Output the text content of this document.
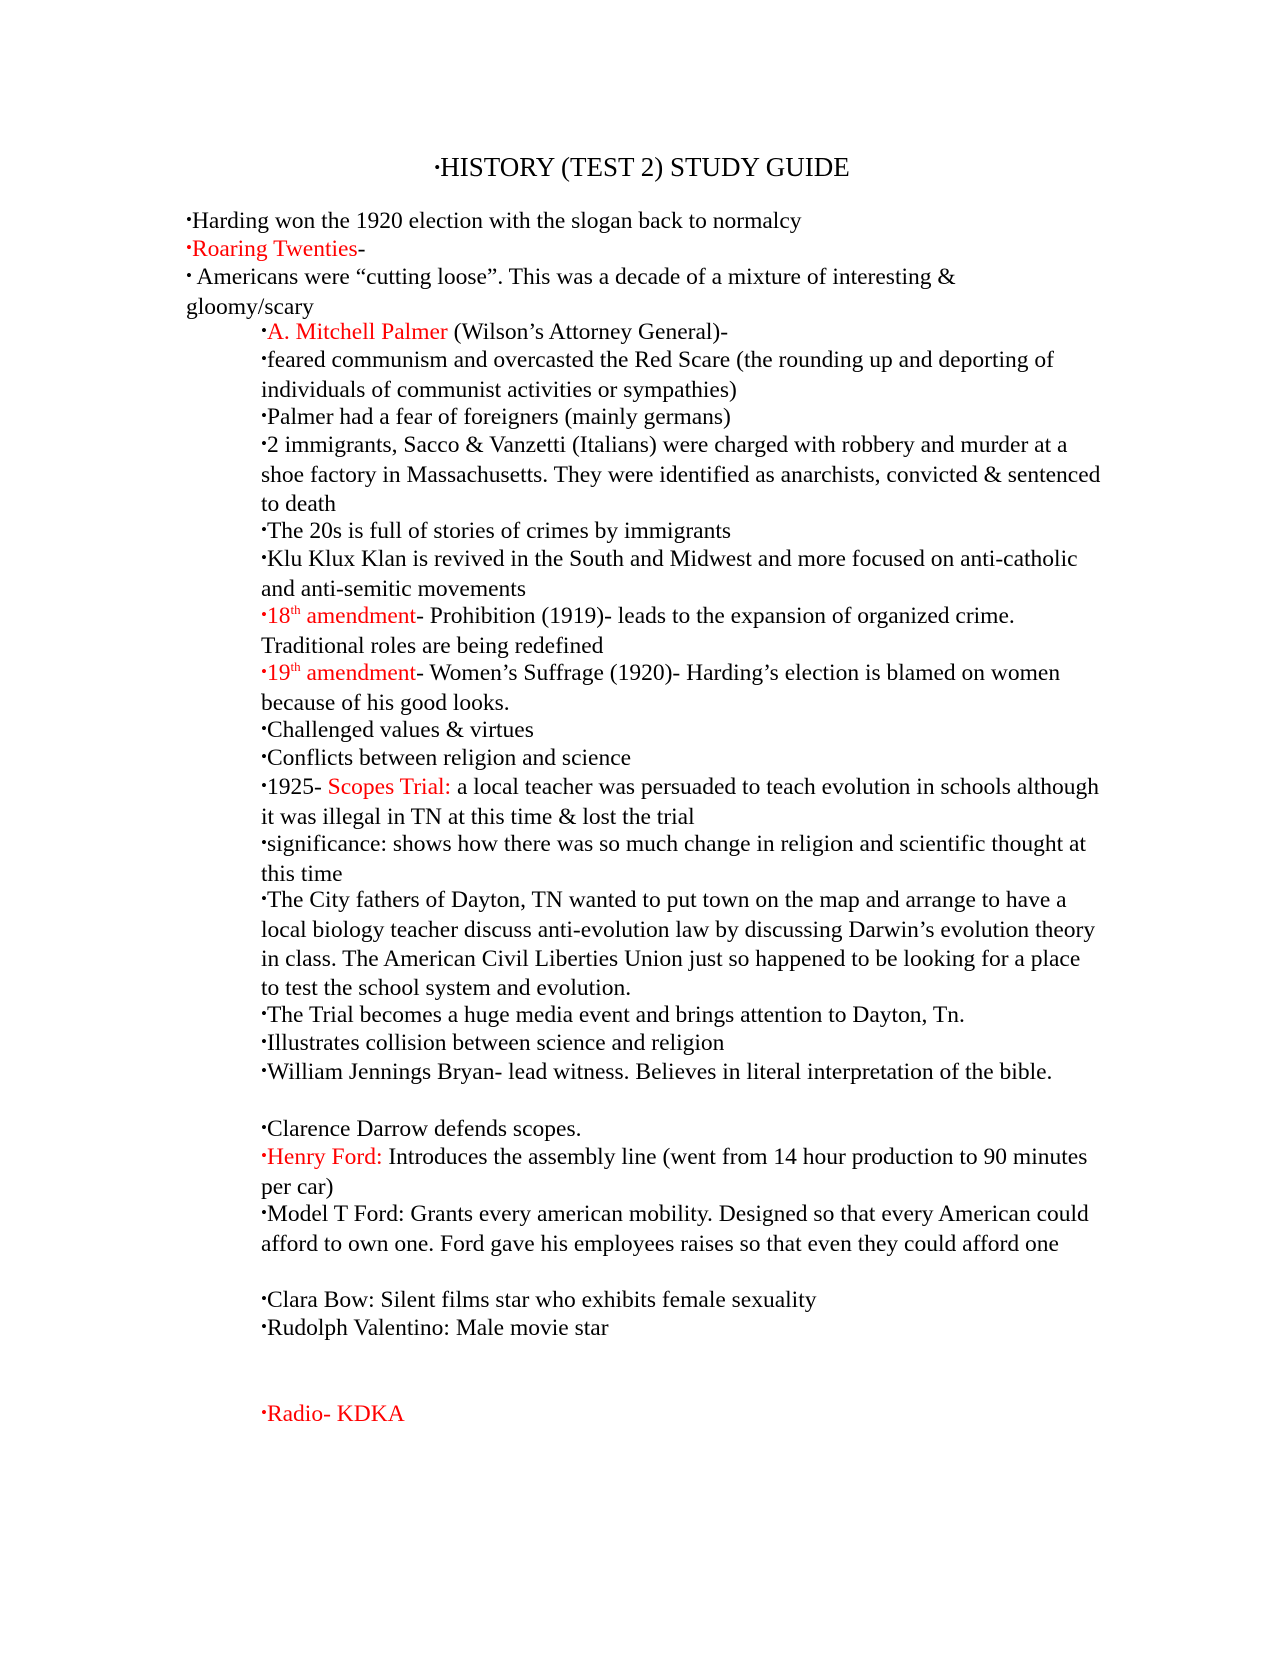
•HISTORY (TEST 2) STUDY GUIDE
•Harding won the 1920 election with the slogan back to normalcy
•Roaring Twenties-
• Americans were “cutting loose”. This was a decade of a mixture of interesting & gloomy/scary
•A. Mitchell Palmer (Wilson’s Attorney General)-
•feared communism and overcasted the Red Scare (the rounding up and deporting of individuals of communist activities or sympathies)
•Palmer had a fear of foreigners (mainly germans)
•2 immigrants, Sacco & Vanzetti (Italians) were charged with robbery and murder at a shoe factory in Massachusetts. They were identified as anarchists, convicted & sentenced to death
•The 20s is full of stories of crimes by immigrants
•Klu Klux Klan is revived in the South and Midwest and more focused on anti-catholic and anti-semitic movements
•18th amendment- Prohibition (1919)- leads to the expansion of organized crime. Traditional roles are being redefined
•19th amendment- Women’s Suffrage (1920)- Harding’s election is blamed on women because of his good looks.
•Challenged values & virtues
•Conflicts between religion and science
•1925- Scopes Trial: a local teacher was persuaded to teach evolution in schools although it was illegal in TN at this time & lost the trial
•significance: shows how there was so much change in religion and scientific thought at this time
•The City fathers of Dayton, TN wanted to put town on the map and arrange to have a local biology teacher discuss anti-evolution law by discussing Darwin’s evolution theory in class. The American Civil Liberties Union just so happened to be looking for a place to test the school system and evolution.
•The Trial becomes a huge media event and brings attention to Dayton, Tn.
•Illustrates collision between science and religion
•William Jennings Bryan- lead witness. Believes in literal interpretation of the bible.
•Clarence Darrow defends scopes.
•Henry Ford: Introduces the assembly line (went from 14 hour production to 90 minutes per car)
•Model T Ford: Grants every american mobility. Designed so that every American could afford to own one. Ford gave his employees raises so that even they could afford one
•Clara Bow: Silent films star who exhibits female sexuality
•Rudolph Valentino: Male movie star
•Radio- KDKA
